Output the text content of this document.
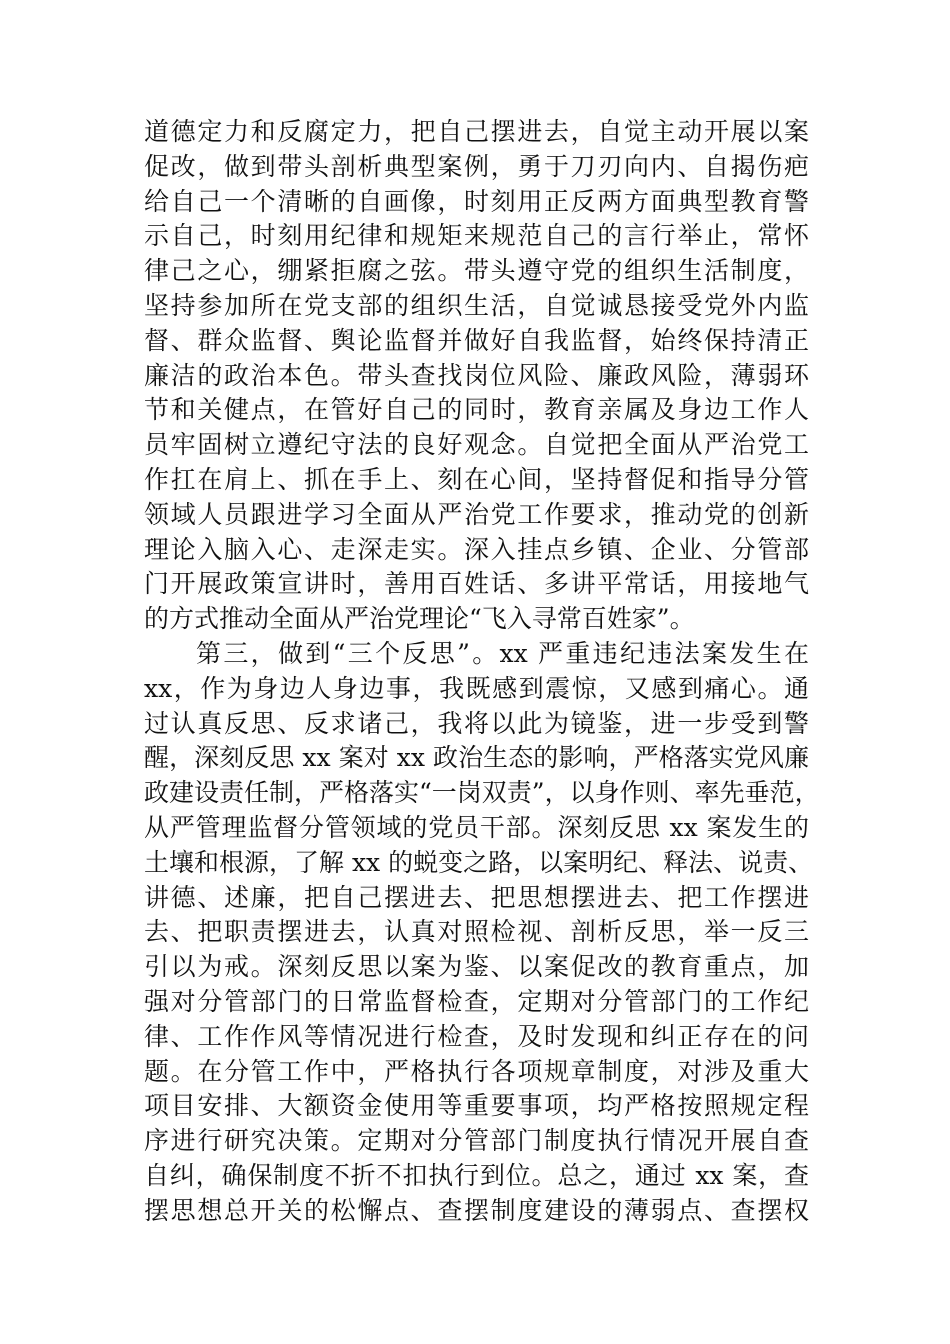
道德定力和反腐定力，把自己摆进去，自觉主动开展以案
促改，做到带头剖析典型案例，勇于刀刃向内、自揭伤疤
给自己一个清晰的自画像，时刻用正反两方面典型教育警
示自己，时刻用纪律和规矩来规范自己的言行举止，常怀
律己之心，绷紧拒腐之弦。带头遵守党的组织生活制度，
坚持参加所在党支部的组织生活，自觉诚恳接受党外内监
督、群众监督、舆论监督并做好自我监督，始终保持清正
廉洁的政治本色。带头查找岗位风险、廉政风险，薄弱环
节和关健点，在管好自己的同时，教育亲属及身边工作人
员牢固树立遵纪守法的良好观念。自觉把全面从严治党工
作扛在肩上、抓在手上、刻在心间，坚持督促和指导分管
领域人员跟进学习全面从严治党工作要求，推动党的创新
理论入脑入心、走深走实。深入挂点乡镇、企业、分管部
门开展政策宣讲时，善用百姓话、多讲平常话，用接地气
的方式推动全面从严治党理论“飞入寻常百姓家”。
第三，做到“三个反思”。xx 严重违纪违法案发生在
xx，作为身边人身边事，我既感到震惊，又感到痛心。通
过认真反思、反求诸己，我将以此为镜鉴，进一步受到警
醒，深刻反思 xx 案对 xx 政治生态的影响，严格落实党风廉
政建设责任制，严格落实“一岗双责”，以身作则、率先垂范，
从严管理监督分管领域的党员干部。深刻反思 xx 案发生的
土壤和根源，了解 xx 的蜕变之路，以案明纪、释法、说责、
讲德、述廉，把自己摆进去、把思想摆进去、把工作摆进
去、把职责摆进去，认真对照检视、剖析反思，举一反三
引以为戒。深刻反思以案为鉴、以案促改的教育重点，加
强对分管部门的日常监督检查，定期对分管部门的工作纪
律、工作作风等情况进行检查，及时发现和纠正存在的问
题。在分管工作中，严格执行各项规章制度，对涉及重大
项目安排、大额资金使用等重要事项，均严格按照规定程
序进行研究决策。定期对分管部门制度执行情况开展自查
自纠，确保制度不折不扣执行到位。总之，通过 xx 案，查
摆思想总开关的松懈点、查摆制度建设的薄弱点、查摆权
